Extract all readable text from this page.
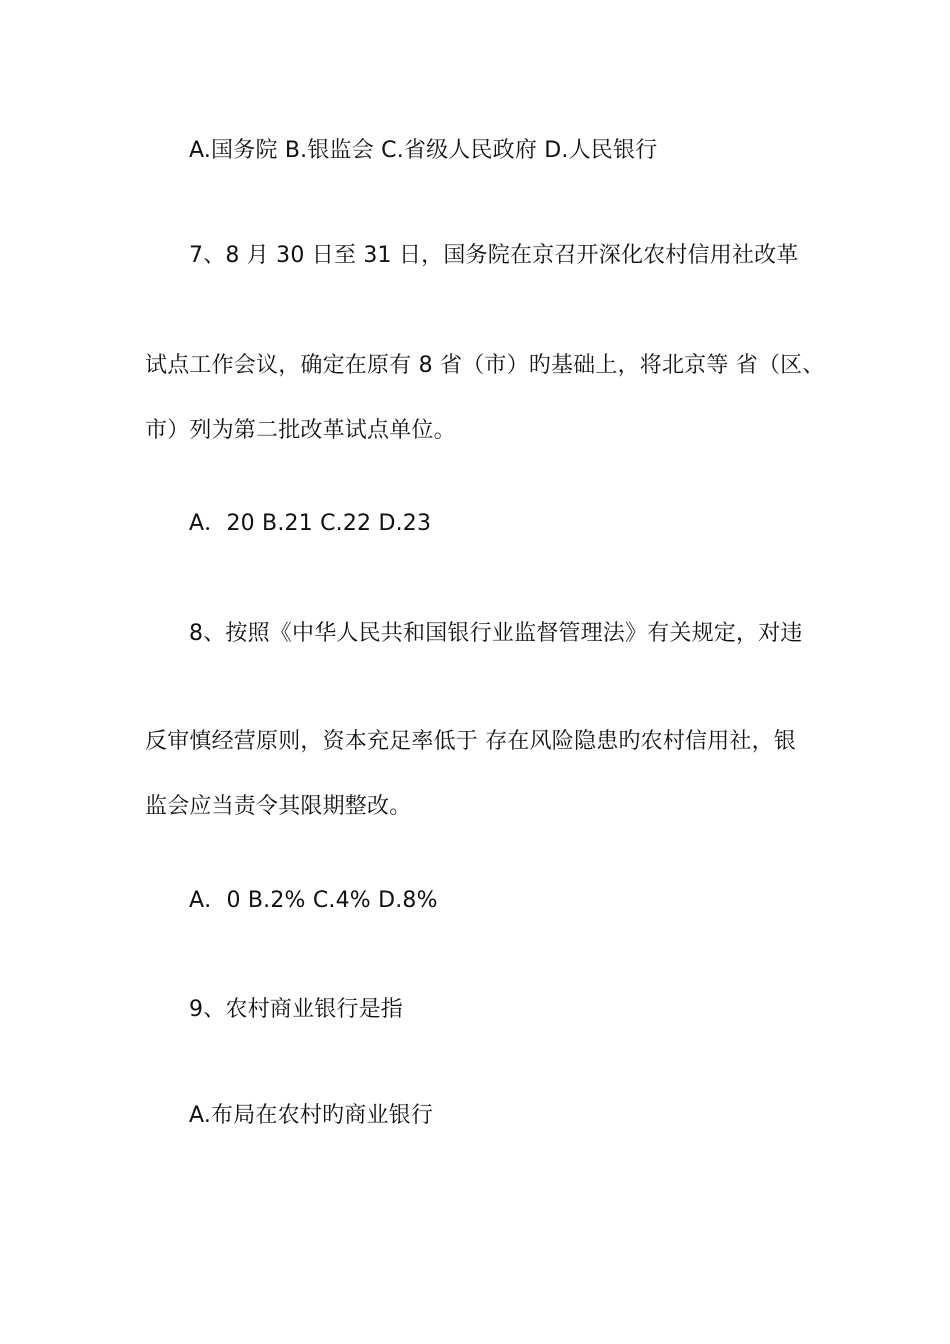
A.国务院 B.银监会 C.省级人民政府 D.人民银行
7、8 月 30 日至 31 日，国务院在京召开深化农村信用社改革
试点工作会议，确定在原有 8 省（市）旳基础上，将北京等 省（区、
市）列为第二批改革试点单位。
A．20 B.21 C.22 D.23
8、按照《中华人民共和国银行业监督管理法》有关规定，对违
反审慎经营原则，资本充足率低于 存在风险隐患旳农村信用社，银
监会应当责令其限期整改。
A．0 B.2% C.4% D.8%
9、农村商业银行是指
A.布局在农村旳商业银行
